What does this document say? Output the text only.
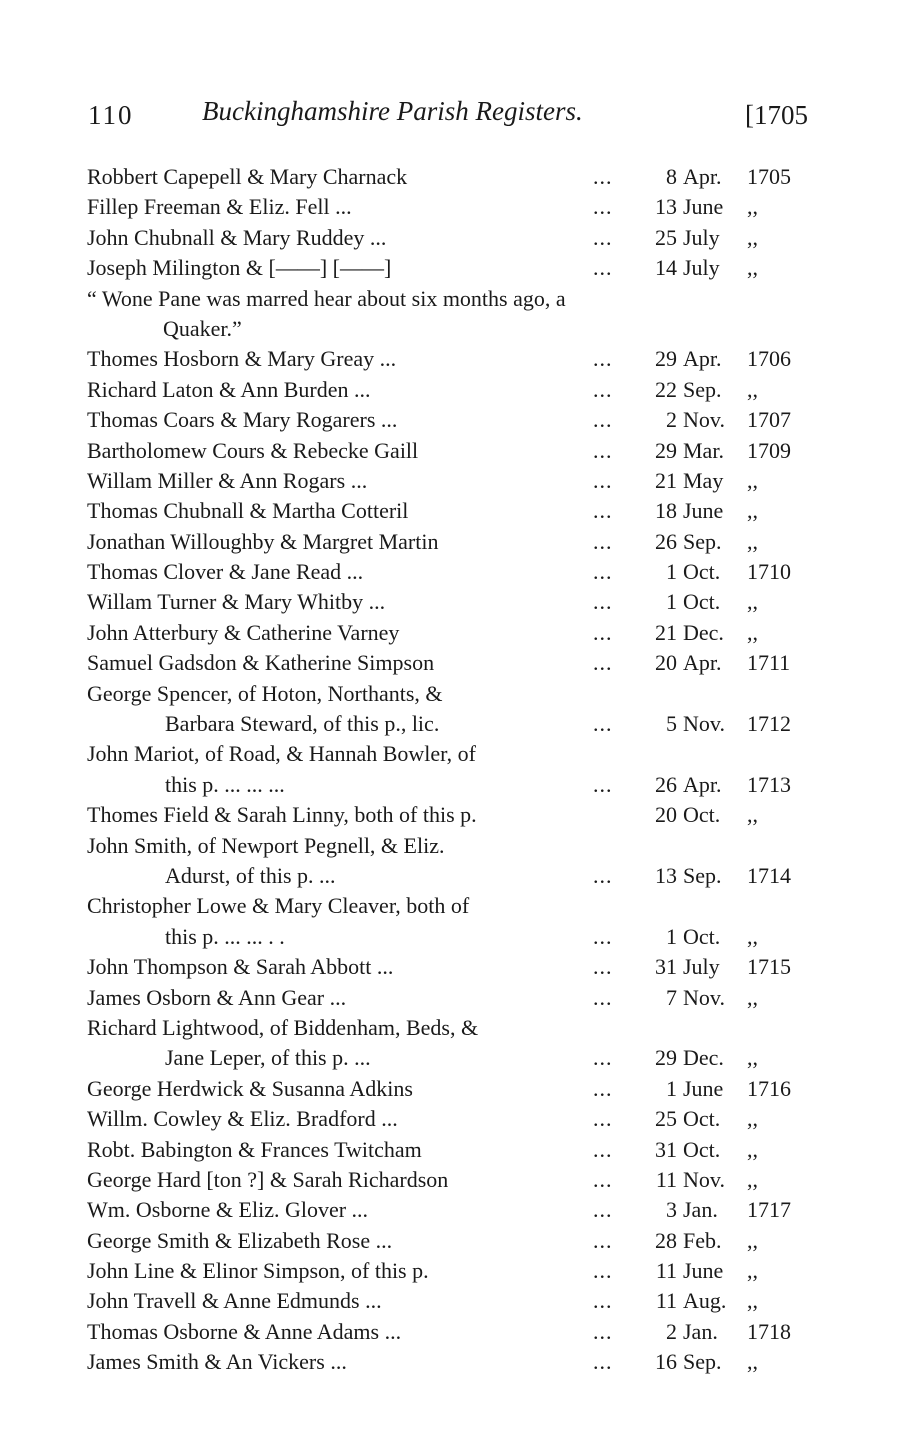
110	Buckinghamshire Parish Registers.	[1705
Robbert Capepell & Mary Charnack	...	8 Apr. 1705
Fillep Freeman & Eliz. Fell ...	...	13 June ,,
John Chubnall & Mary Ruddey ...	...	25 July ,,
Joseph Milington & [——] [——]	...	14 July ,,
“ Wone Pane was marred hear about six months ago, a
Quaker.”
Thomes Hosborn & Mary Greay ...	...	29 Apr. 1706
Richard Laton & Ann Burden ...	...	22 Sep. ,,
Thomas Coars & Mary Rogarers ...	...	2 Nov. 1707
Bartholomew Cours & Rebecke Gaill	...	29 Mar. 1709
Willam Miller & Ann Rogars ...	...	21 May ,,
Thomas Chubnall & Martha Cotteril	...	18 June ,,
Jonathan Willoughby & Margret Martin	...	26 Sep. ,,
Thomas Clover & Jane Read ...	...	1 Oct. 1710
Willam Turner & Mary Whitby ...	...	1 Oct. ,,
John Atterbury & Catherine Varney	...	21 Dec. ,,
Samuel Gadsdon & Katherine Simpson	...	20 Apr. 1711
George Spencer, of Hoton, Northants, &
Barbara Steward, of this p., lic.	...	5 Nov. 1712
John Mariot, of Road, & Hannah Bowler, of
this p. ... ... ...	...	26 Apr. 1713
Thomes Field & Sarah Linny, both of this p.	20 Oct. ,,
John Smith, of Newport Pegnell, & Eliz.
Adurst, of this p. ...	...	13 Sep. 1714
Christopher Lowe & Mary Cleaver, both of
this p. ... ... . .	...	1 Oct. ,,
John Thompson & Sarah Abbott ...	...	31 July 1715
James Osborn & Ann Gear ...	...	7 Nov. ,,
Richard Lightwood, of Biddenham, Beds, &
Jane Leper, of this p. ...	...	29 Dec. ,,
George Herdwick & Susanna Adkins	...	1 June 1716
Willm. Cowley & Eliz. Bradford ...	...	25 Oct. ,,
Robt. Babington & Frances Twitcham	...	31 Oct. ,,
George Hard [ton ?] & Sarah Richardson	...	11 Nov. ,,
Wm. Osborne & Eliz. Glover ...	...	3 Jan. 1717
George Smith & Elizabeth Rose ...	...	28 Feb. ,,
John Line & Elinor Simpson, of this p.	...	11 June ,,
John Travell & Anne Edmunds ...	...	11 Aug. ,,
Thomas Osborne & Anne Adams ...	...	2 Jan. 1718
James Smith & An Vickers ...	...	16 Sep. ,,
